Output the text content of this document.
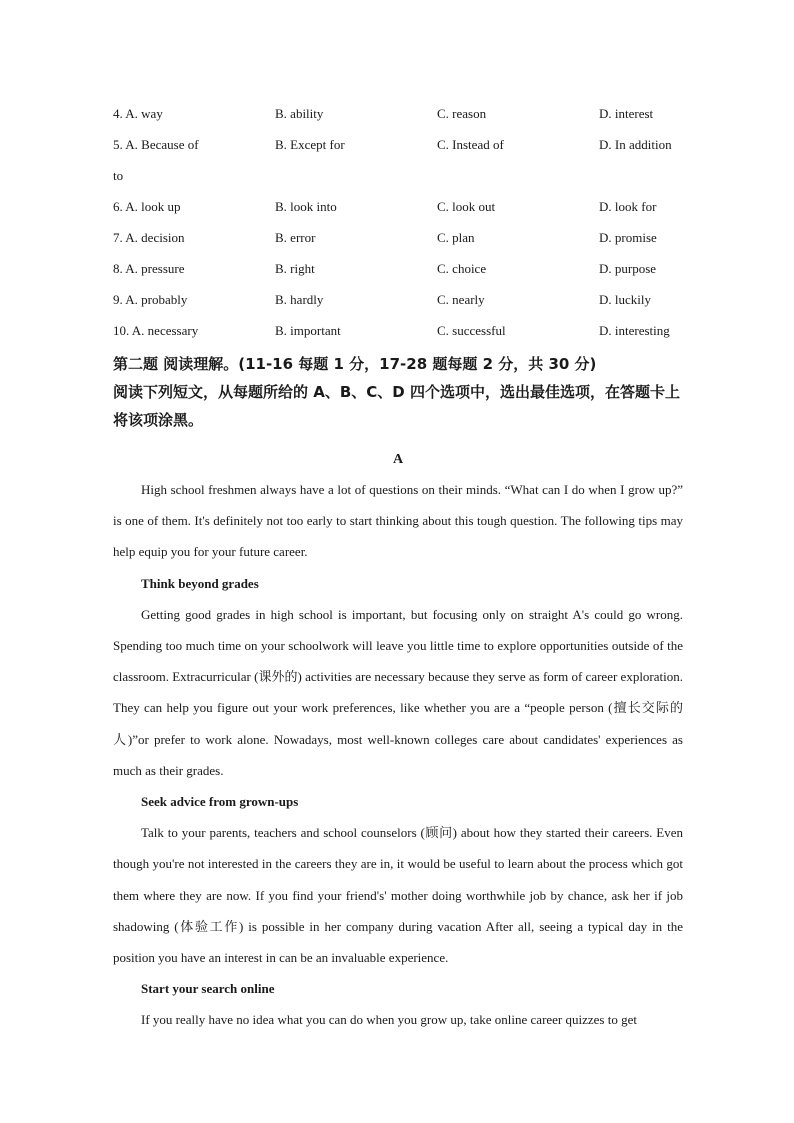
4. A. way	B. ability	C. reason	D. interest
5. A. Because of	B. Except for	C. Instead of	D. In addition
to
6. A. look up	B. look into	C. look out	D. look for
7. A. decision	B. error	C. plan	D. promise
8. A. pressure	B. right	C. choice	D. purpose
9. A. probably	B. hardly	C. nearly	D. luckily
10. A. necessary	B. important	C. successful	D. interesting
第二题 阅读理解。(11-16 每题 1 分，17-28 题每题 2 分，共 30 分)
阅读下列短文，从每题所给的 A、B、C、D 四个选项中，选出最佳选项，在答题卡上将该项涂黑。
A

High school freshmen always have a lot of questions on their minds. “What can I do when I grow up?” is one of them. It's definitely not too early to start thinking about this tough question. The following tips may help equip you for your future career.

Think beyond grades

Getting good grades in high school is important, but focusing only on straight A's could go wrong. Spending too much time on your schoolwork will leave you little time to explore opportunities outside of the classroom. Extracurricular (课外的) activities are necessary because they serve as form of career exploration. They can help you figure out your work preferences, like whether you are a “people person (擅长交际的人)”or prefer to work alone. Nowadays, most well-known colleges care about candidates' experiences as much as their grades.

Seek advice from grown-ups

Talk to your parents, teachers and school counselors (顾问) about how they started their careers. Even though you're not interested in the careers they are in, it would be useful to learn about the process which got them where they are now. If you find your friend's' mother doing worthwhile job by chance, ask her if job shadowing (体验工作) is possible in her company during vacation After all, seeing a typical day in the position you have an interest in can be an invaluable experience.

Start your search online

If you really have no idea what you can do when you grow up, take online career quizzes to get
